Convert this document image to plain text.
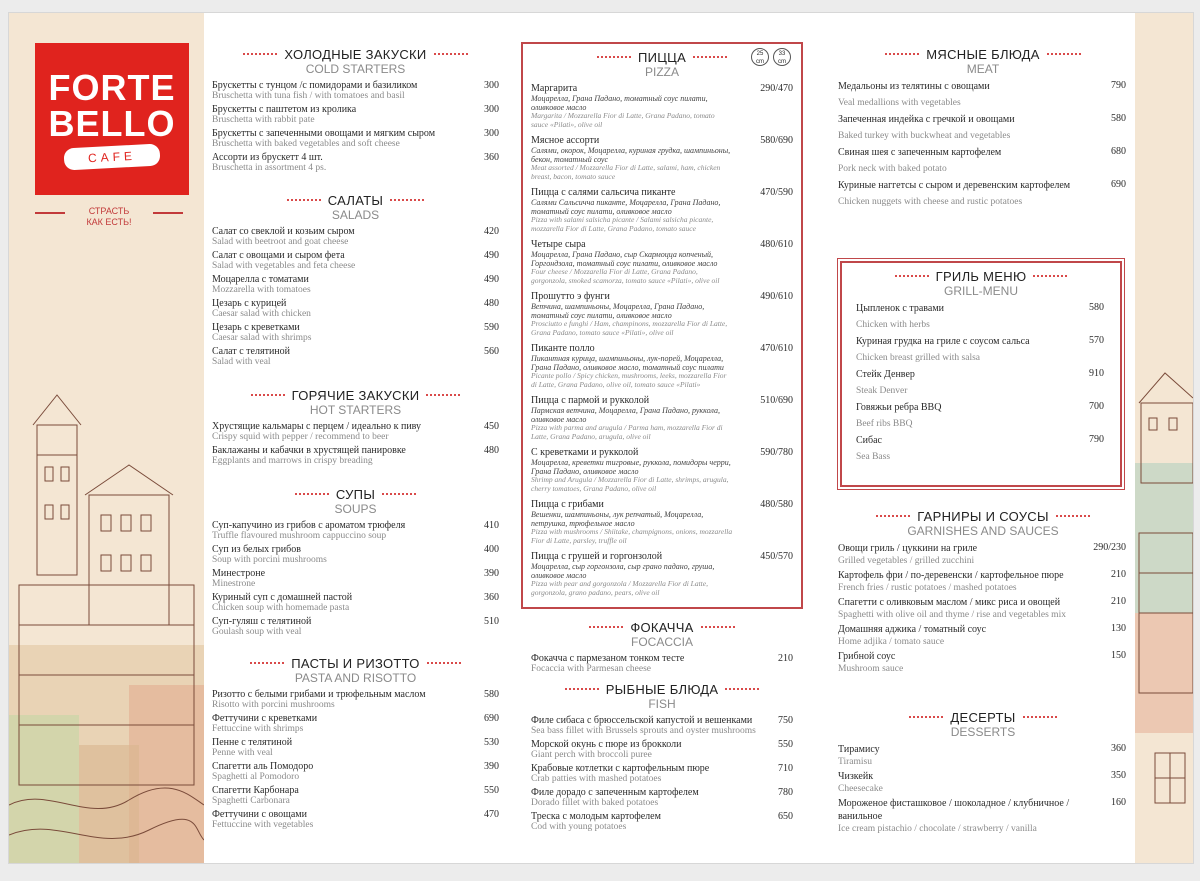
FORTE
BELLO
CAFE
СТРАСТЬ
КАК ЕСТЬ!
ХОЛОДНЫЕ ЗАКУСКИ
COLD STARTERS
Брускетты с тунцом /с помидорами и базиликом
Bruschetta with tuna fish / with tomatoes and basil
300
Брускетты с паштетом из кролика
Bruschetta with rabbit pate
300
Брускетты с запеченными овощами и мягким сыром
Bruschetta with baked vegetables and soft cheese
300
Ассорти из брускетт 4 шт.
Bruschetta in assortment 4 ps.
360
САЛАТЫ
SALADS
Салат со свеклой и козьим сыром
Salad with beetroot and goat cheese
420
Салат с овощами и сыром фета
Salad with vegetables and feta cheese
490
Моцарелла с томатами
Mozzarella with tomatoes
490
Цезарь с курицей
Caesar salad with chicken
480
Цезарь с креветками
Caesar salad with shrimps
590
Салат с телятиной
Salad with veal
560
ГОРЯЧИЕ ЗАКУСКИ
HOT STARTERS
Хрустящие кальмары с перцем / идеально к пиву
Crispy squid with pepper / recommend to beer
450
Баклажаны и кабачки в хрустящей панировке
Eggplants and marrows in crispy breading
480
СУПЫ
SOUPS
Суп-капучино из грибов с ароматом трюфеля
Truffle flavoured mushroom cappuccino soup
410
Суп из белых грибов
Soup with porcini mushrooms
400
Минестроне
Minestrone
390
Куриный суп с домашней пастой
Chicken soup with homemade pasta
360
Суп-гуляш с телятиной
Goulash soup with veal
510
ПАСТЫ И РИЗОТТО
PASTA AND RISOTTO
Ризотто с белыми грибами и трюфельным маслом
Risotto with porcini mushrooms
580
Феттучини с креветками
Fettuccine with shrimps
690
Пенне с телятиной
Penne with veal
530
Спагетти аль Помодоро
Spaghetti al Pomodoro
390
Спагетти Карбонара
Spaghetti Carbonara
550
Феттучини с овощами
Fettuccine with vegetables
470
25 cm
33 cm
ПИЦЦА
PIZZA
Маргарита
Моцарелла, Грана Падано, томатный соус пилати, оливковое масло
Margarita / Mozzarella Fior di Latte, Grana Padano, tomato sauce «Pilati», olive oil
290/470
Мясное ассорти
Салями, окорок, Моцарелла, куриная грудка, шампиньоны, бекон, томатный соус
Meat assorted / Mozzarella Fior di Latte, salami, ham, chicken breast, bacon, tomato sauce
580/690
Пицца с салями сальсича пиканте
Салями Сальсичча пиканте, Моцарелла, Грана Падано, томатный соус пилати, оливковое масло
Pizza with salami salsicha picante / Salami salsicha picante, mozzarella Fior di Latte, Grana Padano, tomato sauce
470/590
Четыре сыра
Моцарелла, Грана Падано, сыр Скармоцца копченый, Горгондзола, томатный соус пилати, оливковое масло
Four cheese / Mozzarella Fior di Latte, Grana Padano, gorgonzola, smoked scamorza, tomato sauce «Pilati», olive oil
480/610
Прошутто э фунги
Ветчина, шампиньоны, Моцарелла, Грана Падано, томатный соус пилати, оливковое масло
Prosciutto e funghi / Ham, champinons, mozzarella Fior di Latte, Grana Padano, tomato sauce «Pilati», olive oil
490/610
Пиканте полло
Пикантная курица, шампиньоны, лук-порей, Моцарелла, Грана Падано, оливковое масло, томатный соус пилати
Picante pollo / Spicy chicken, mushrooms, leeks, mozzarella Fior di Latte, Grana Padano, olive oil, tomato sauce «Pilati»
470/610
Пицца с пармой и рукколой
Пармская ветчина, Моцарелла, Грана Падано, руккола, оливковое масло
Pizza with parma and arugula / Parma ham, mozzarella Fior di Latte, Grana Padano, arugula, olive oil
510/690
С креветками и рукколой
Моцарелла, креветки тигровые, руккола, помидоры черри, Грана Падано, оливковое масло
Shrimp and Arugula / Mozzarella Fior di Latte, shrimps, arugula, cherry tomatoes, Grana Padano, olive oil
590/780
Пицца с грибами
Вешенки, шампиньоны, лук репчатый, Моцарелла, петрушка, трюфельное масло
Pizza with mushrooms / Shiitake, champignons, onions, mozzarella Fior di Latte, parsley, truffle oil
480/580
Пицца с грушей и горгонзолой
Моцарелла, сыр горгонзола, сыр грано падано, груша, оливковое масло
Pizza with pear and gorgonzola / Mozzarella Fior di Latte, gorgonzola, grano padano, pears, olive oil
450/570
ФОКАЧЧА
FOCACCIA
Фокачча с пармезаном тонком тесте
Focaccia with Parmesan cheese
210
РЫБНЫЕ БЛЮДА
FISH
Филе сибаса с брюссельской капустой и вешенками
Sea bass fillet with Brussels sprouts and oyster mushrooms
750
Морской окунь с пюре из брокколи
Giant perch with broccoli puree
550
Крабовые котлетки с картофельным пюре
Crab patties with mashed potatoes
710
Филе дорадо с запеченным картофелем
Dorado fillet with baked potatoes
780
Треска с молодым картофелем
Cod with young potatoes
650
МЯСНЫЕ БЛЮДА
MEAT
Медальоны из телятины с овощами
Veal medallions with vegetables
790
Запеченная индейка с гречкой и овощами
Baked turkey with buckwheat and vegetables
580
Свиная шея с запеченным картофелем
Pork neck with baked potato
680
Куриные наггетсы с сыром и деревенским картофелем
Chicken nuggets with cheese and rustic potatoes
690
ГРИЛЬ МЕНЮ
GRILL-MENU
Цыпленок с травами
Chicken with herbs
580
Куриная грудка на гриле с соусом сальса
Chicken breast grilled with salsa
570
Стейк Денвер
Steak Denver
910
Говяжьи ребра BBQ
Beef ribs BBQ
700
Сибас
Sea Bass
790
ГАРНИРЫ И СОУСЫ
GARNISHES AND SAUCES
Овощи гриль / цуккини на гриле
Grilled vegetables / grilled zucchini
290/230
Картофель фри / по-деревенски / картофельное пюре
French fries / rustic potatoes / mashed potatoes
210
Спагетти с оливковым маслом / микс риса и овощей
Spaghetti with olive oil and thyme / rise and vegetables mix
210
Домашняя аджика / томатный соус
Home adjika / tomato sauce
130
Грибной соус
Mushroom sauce
150
ДЕСЕРТЫ
DESSERTS
Тирамису
Tiramisu
360
Чизкейк
Cheesecake
350
Мороженое фисташковое / шоколадное / клубничное / ванильное
Ice cream pistachio / chocolate / strawberry / vanilla
160
